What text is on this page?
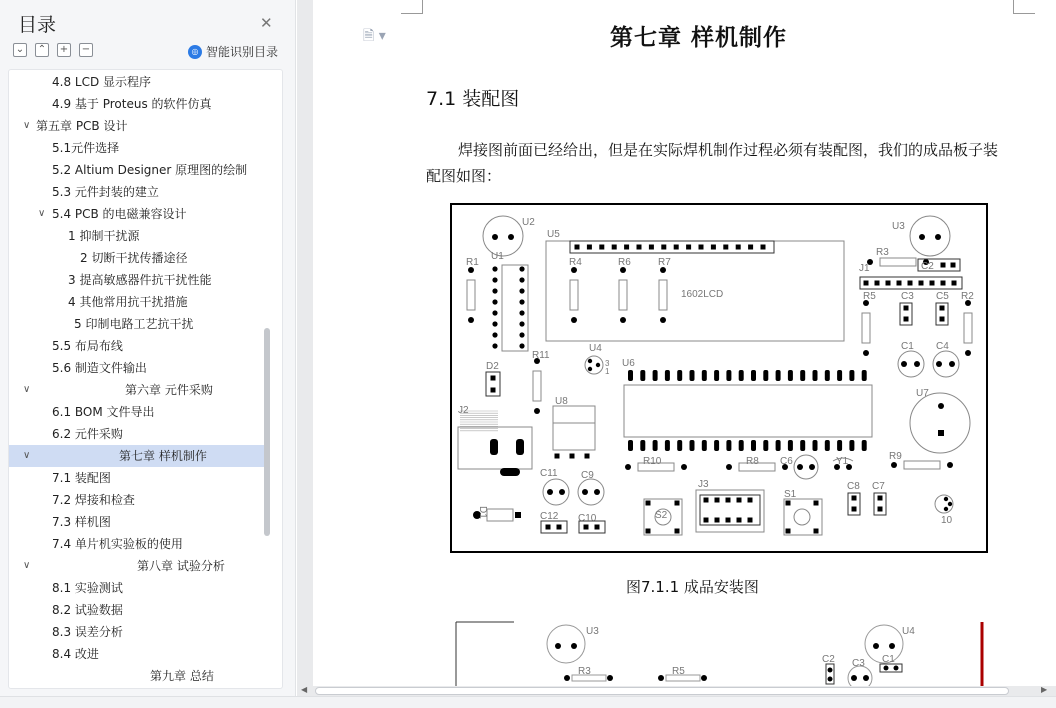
目录	✕
⌄ ⌃ + −	◎ 智能识别目录
4.8 LCD 显示程序
4.9 基于 Proteus 的软件仿真
∨ 第五章 PCB 设计
5.1元件选择
5.2 Altium Designer 原理图的绘制
5.3 元件封装的建立
∨ 5.4 PCB 的电磁兼容设计
1 抑制干扰源
2 切断干扰传播途径
3 提高敏感器件抗干扰性能
4 其他常用抗干扰措施
5 印制电路工艺抗干扰
5.5 布局布线
5.6 制造文件输出
∨	第六章 元件采购
6.1 BOM 文件导出
6.2 元件采购
∨	第七章 样机制作
7.1 装配图
7.2 焊接和检查
7.3 样机图
7.4 单片机实验板的使用
∨	第八章 试验分析
8.1 实验测试
8.2 试验数据
8.3 误差分析
8.4 改进
第九章 总结
🗎 ▾	第七章 样机制作
7.1 装配图
焊接图前面已经给出，但是在实际焊机制作过程必须有装配图，我们的成品板子装配图如图：
U2
U5
U3
R3
R1
U1
R4	R6	R7
1602LCD
J1	C2
R5	C3 C5 R2
U4
3
1
U6
C1 C4
D2
R11
U7
J2
U8
R10	R8 C6	Y1	R9
C11 C9
J3
S1
C8 C7
D1	S2
C12 C10	10
图7.1.1 成品安装图
U3	U4
R3	R5
C2 C3 C1
◀	▶
